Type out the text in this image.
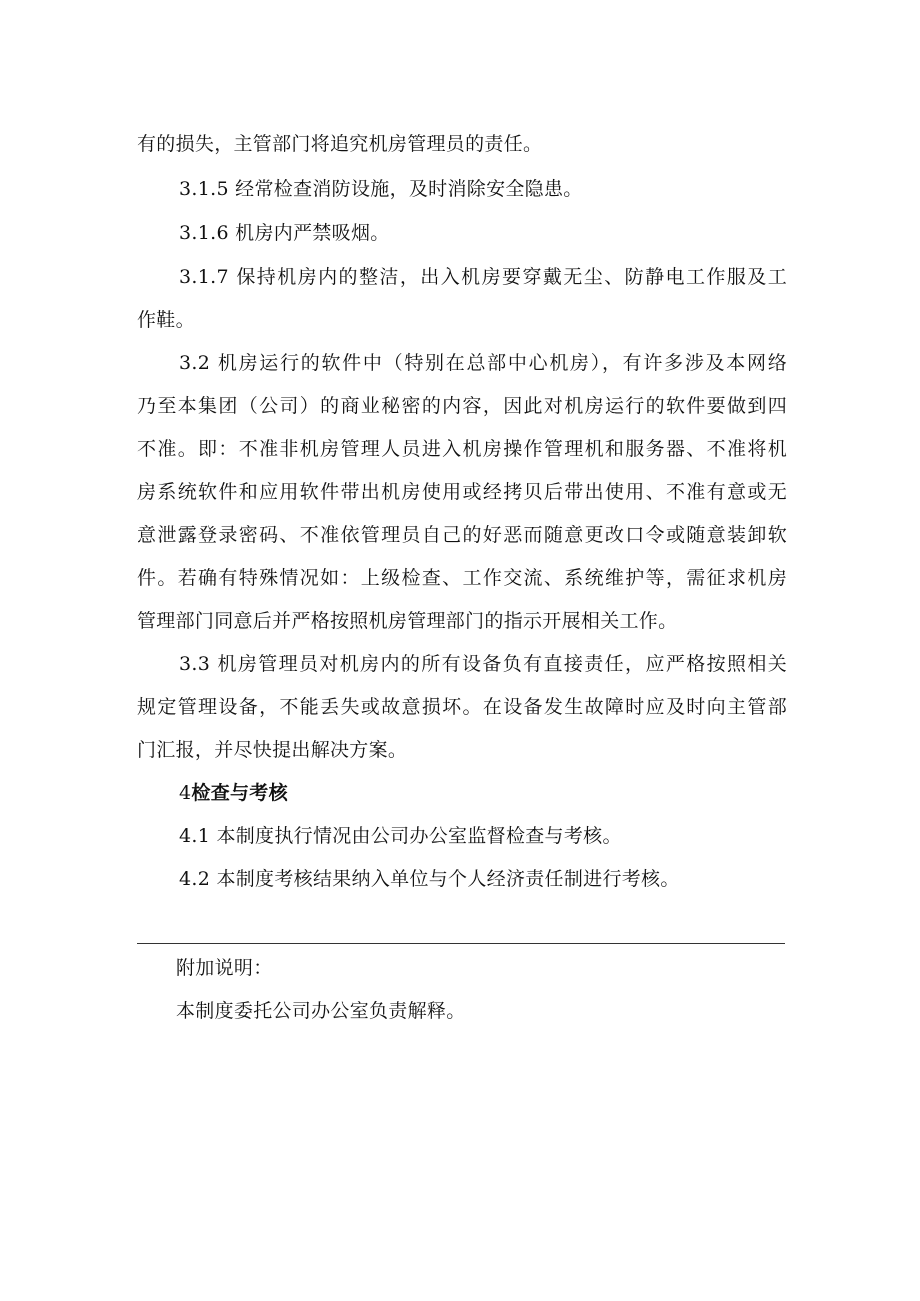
有的损失，主管部门将追究机房管理员的责任。
3.1.5 经常检查消防设施，及时消除安全隐患。
3.1.6 机房内严禁吸烟。
3.1.7 保持机房内的整洁，出入机房要穿戴无尘、防静电工作服及工
作鞋。
3.2 机房运行的软件中（特别在总部中心机房），有许多涉及本网络
乃至本集团（公司）的商业秘密的内容，因此对机房运行的软件要做到四
不准。即：不准非机房管理人员进入机房操作管理机和服务器、不准将机
房系统软件和应用软件带出机房使用或经拷贝后带出使用、不准有意或无
意泄露登录密码、不准依管理员自己的好恶而随意更改口令或随意装卸软
件。若确有特殊情况如：上级检查、工作交流、系统维护等，需征求机房
管理部门同意后并严格按照机房管理部门的指示开展相关工作。
3.3 机房管理员对机房内的所有设备负有直接责任，应严格按照相关
规定管理设备，不能丢失或故意损坏。在设备发生故障时应及时向主管部
门汇报，并尽快提出解决方案。
4检查与考核
4.1 本制度执行情况由公司办公室监督检查与考核。
4.2 本制度考核结果纳入单位与个人经济责任制进行考核。
附加说明：
本制度委托公司办公室负责解释。
